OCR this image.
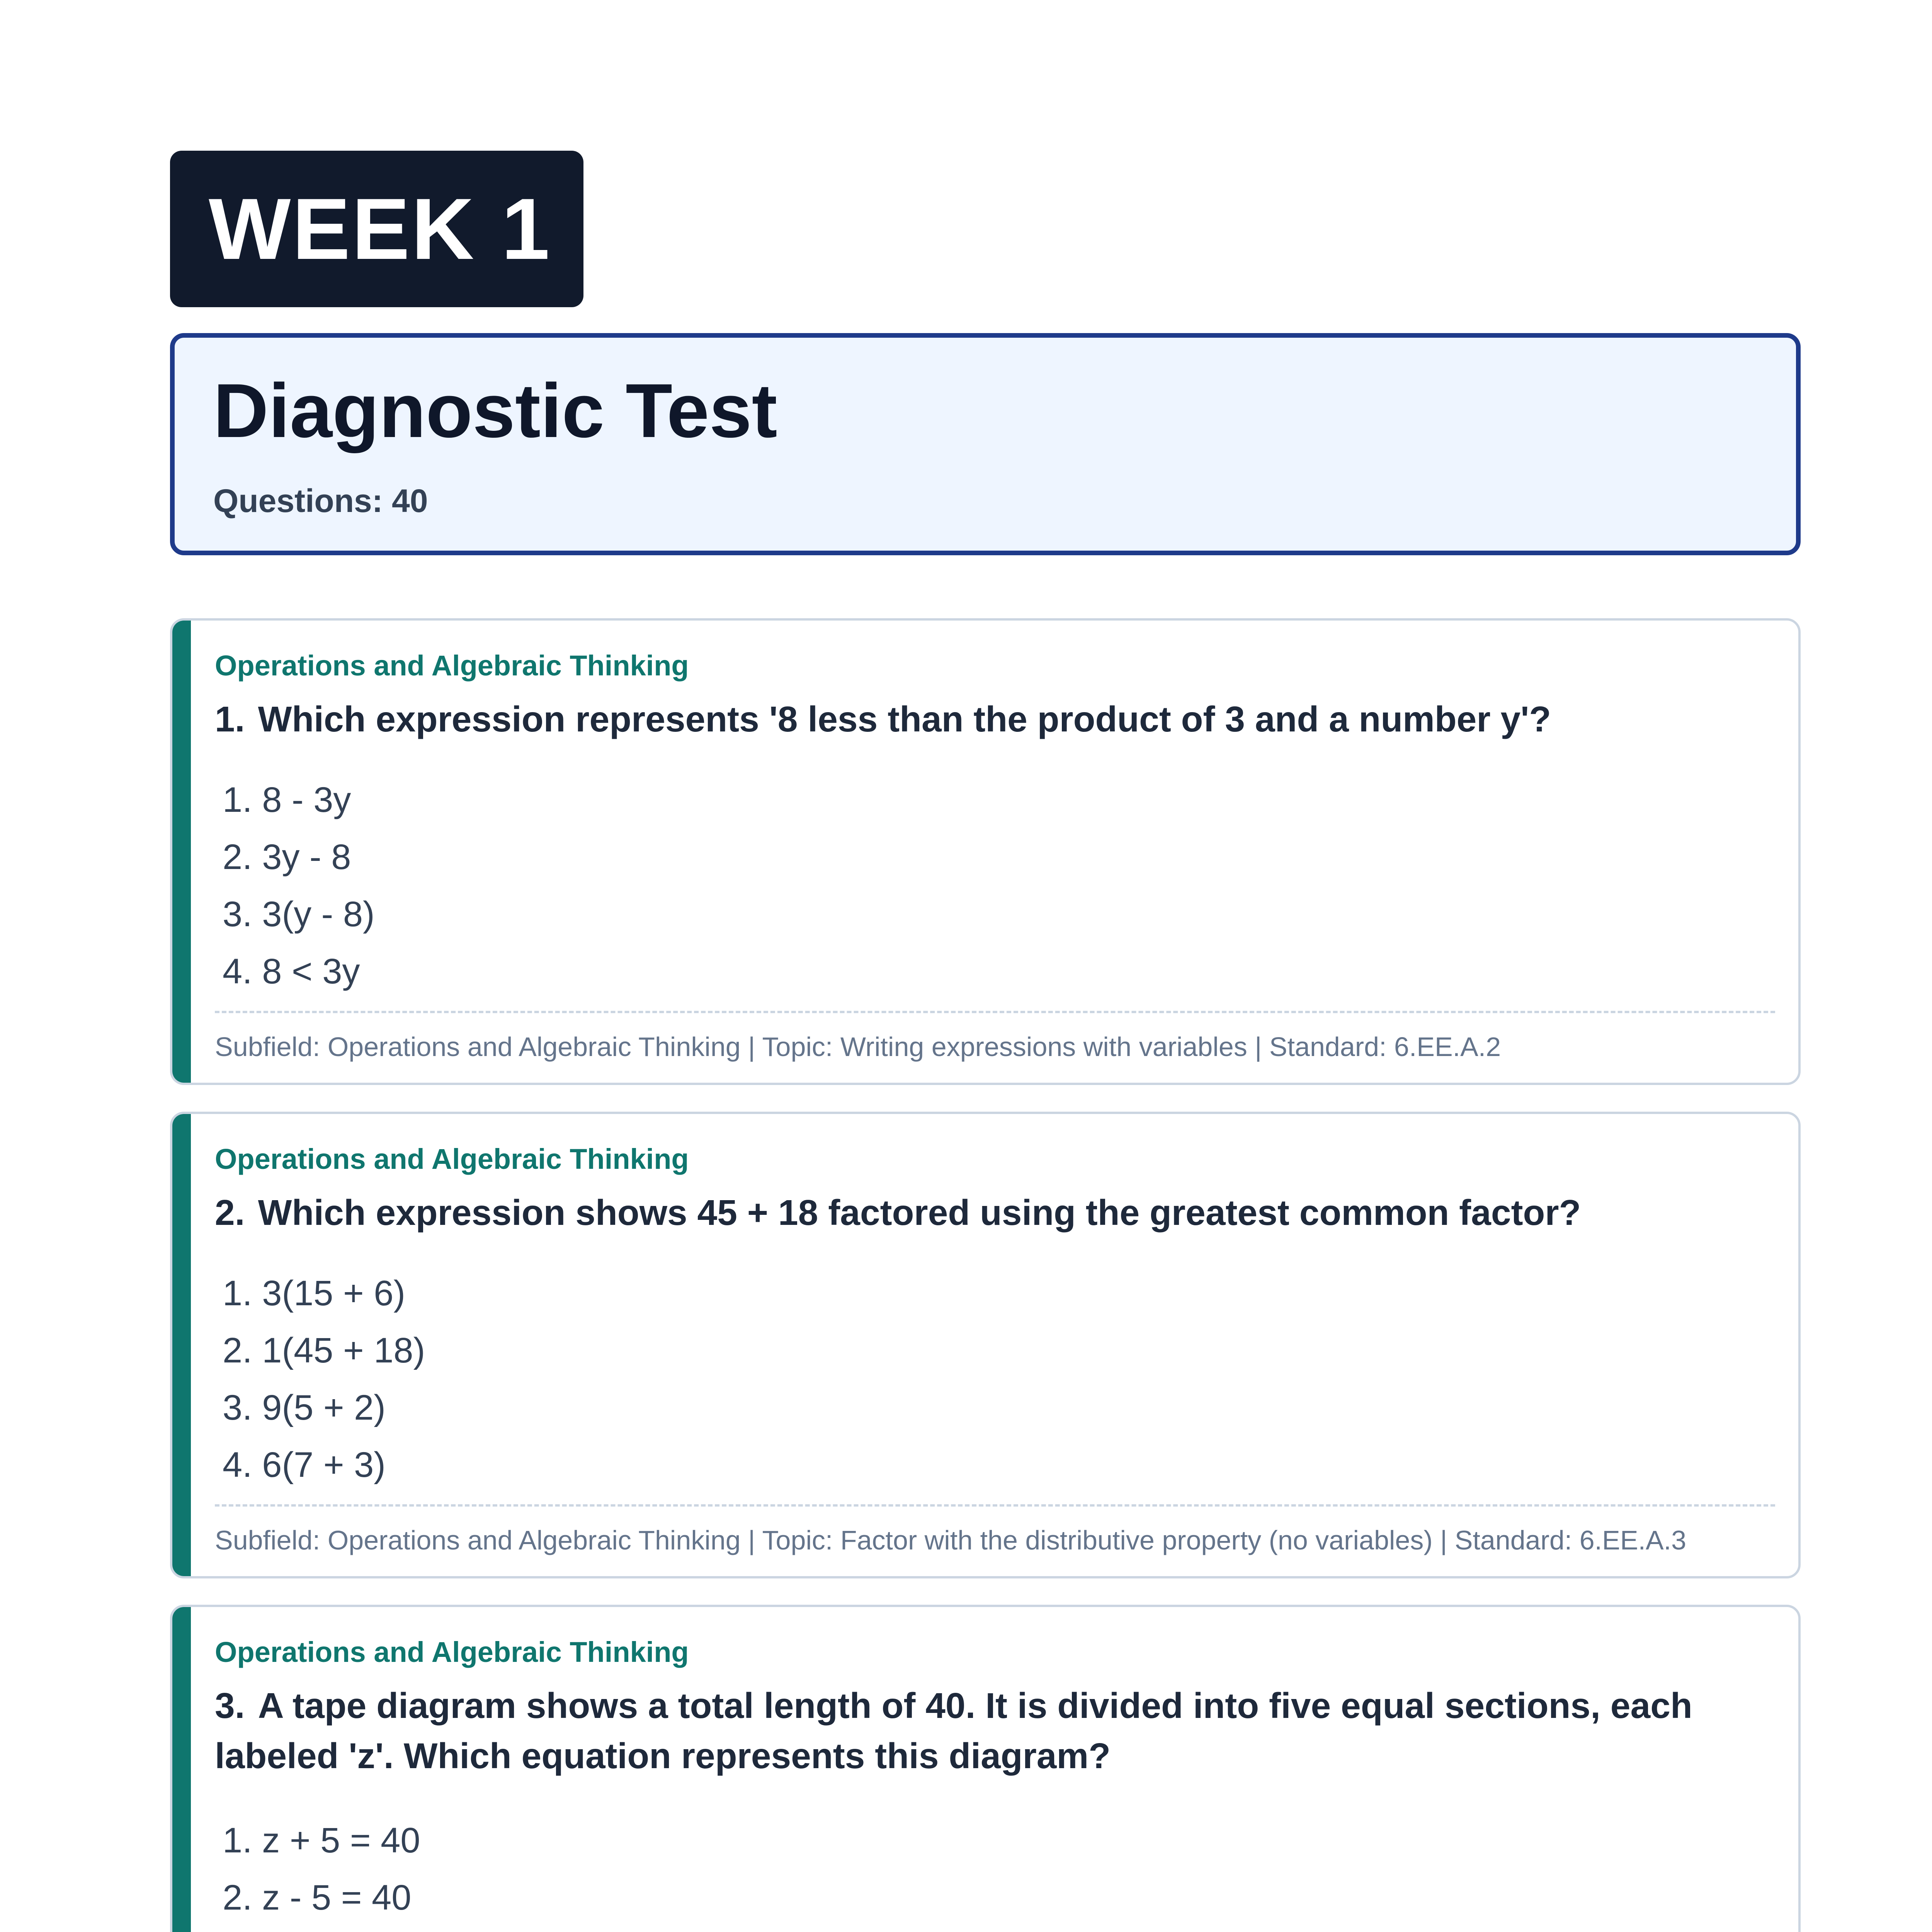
WEEK 1
Diagnostic Test
Questions: 40
Operations and Algebraic Thinking
1. Which expression represents '8 less than the product of 3 and a number y'?
1. 8 - 3y
2. 3y - 8
3. 3(y - 8)
4. 8 < 3y
Subfield: Operations and Algebraic Thinking | Topic: Writing expressions with variables | Standard: 6.EE.A.2
Operations and Algebraic Thinking
2. Which expression shows 45 + 18 factored using the greatest common factor?
1. 3(15 + 6)
2. 1(45 + 18)
3. 9(5 + 2)
4. 6(7 + 3)
Subfield: Operations and Algebraic Thinking | Topic: Factor with the distributive property (no variables) | Standard: 6.EE.A.3
Operations and Algebraic Thinking
3. A tape diagram shows a total length of 40. It is divided into five equal sections, each labeled 'z'. Which equation represents this diagram?
1. z + 5 = 40
2. z - 5 = 40
